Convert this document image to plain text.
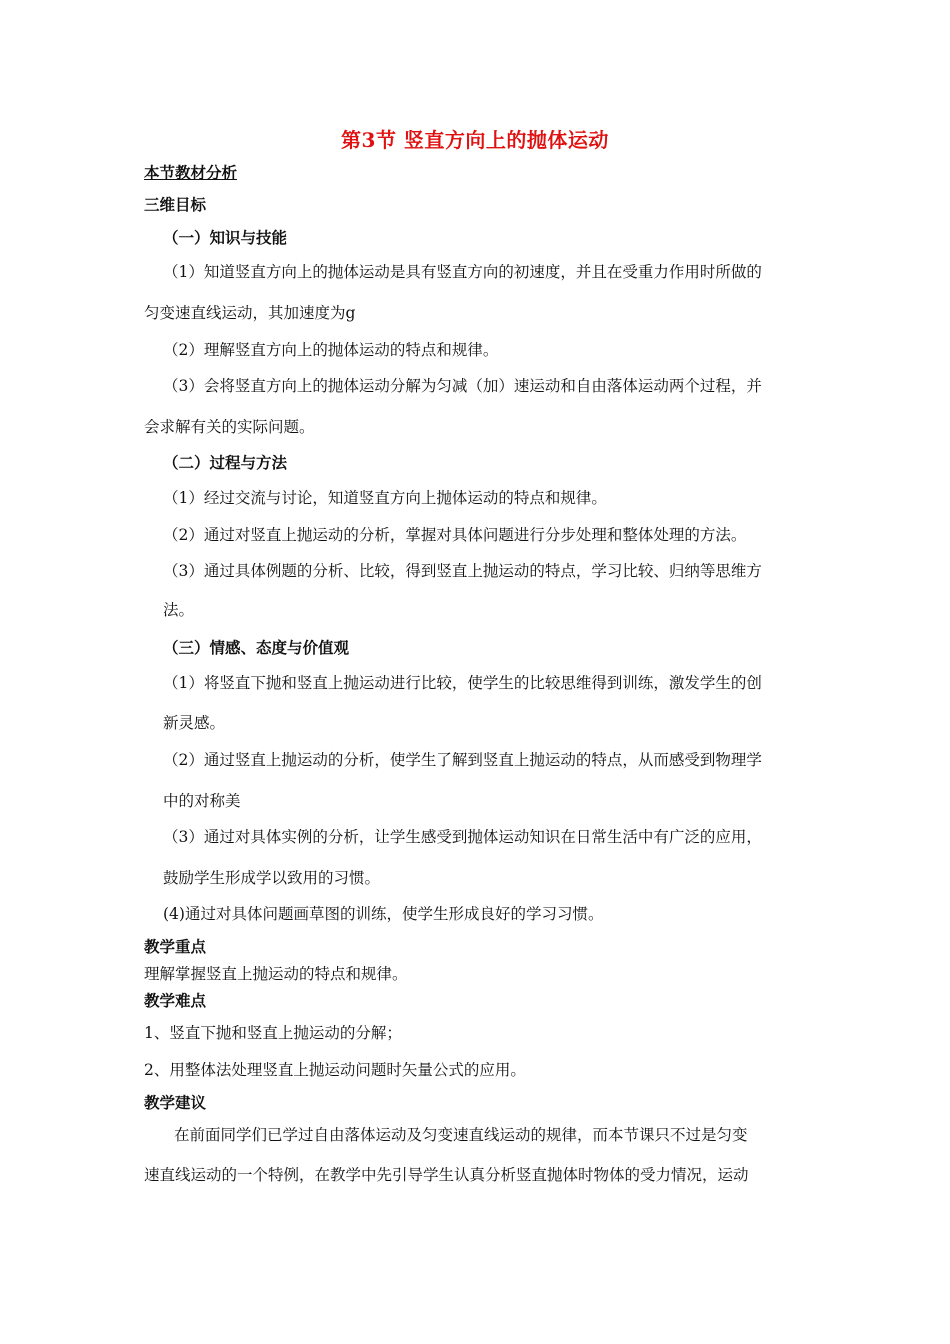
第3节 竖直方向上的抛体运动
本节教材分析
三维目标
（一）知识与技能
（1）知道竖直方向上的抛体运动是具有竖直方向的初速度，并且在受重力作用时所做的
匀变速直线运动，其加速度为g
（2）理解竖直方向上的抛体运动的特点和规律。
（3）会将竖直方向上的抛体运动分解为匀减（加）速运动和自由落体运动两个过程，并
会求解有关的实际问题。
（二）过程与方法
（1）经过交流与讨论，知道竖直方向上抛体运动的特点和规律。
（2）通过对竖直上抛运动的分析，掌握对具体问题进行分步处理和整体处理的方法。
（3）通过具体例题的分析、比较，得到竖直上抛运动的特点，学习比较、归纳等思维方
法。
（三）情感、态度与价值观
（1）将竖直下抛和竖直上抛运动进行比较，使学生的比较思维得到训练，激发学生的创
新灵感。
（2）通过竖直上抛运动的分析，使学生了解到竖直上抛运动的特点，从而感受到物理学
中的对称美
（3）通过对具体实例的分析，让学生感受到抛体运动知识在日常生活中有广泛的应用，
鼓励学生形成学以致用的习惯。
(4)通过对具体问题画草图的训练，使学生形成良好的学习习惯。
教学重点
理解掌握竖直上抛运动的特点和规律。
教学难点
1、竖直下抛和竖直上抛运动的分解；
2、用整体法处理竖直上抛运动问题时矢量公式的应用。
教学建议
在前面同学们已学过自由落体运动及匀变速直线运动的规律，而本节课只不过是匀变
速直线运动的一个特例，在教学中先引导学生认真分析竖直抛体时物体的受力情况，运动
